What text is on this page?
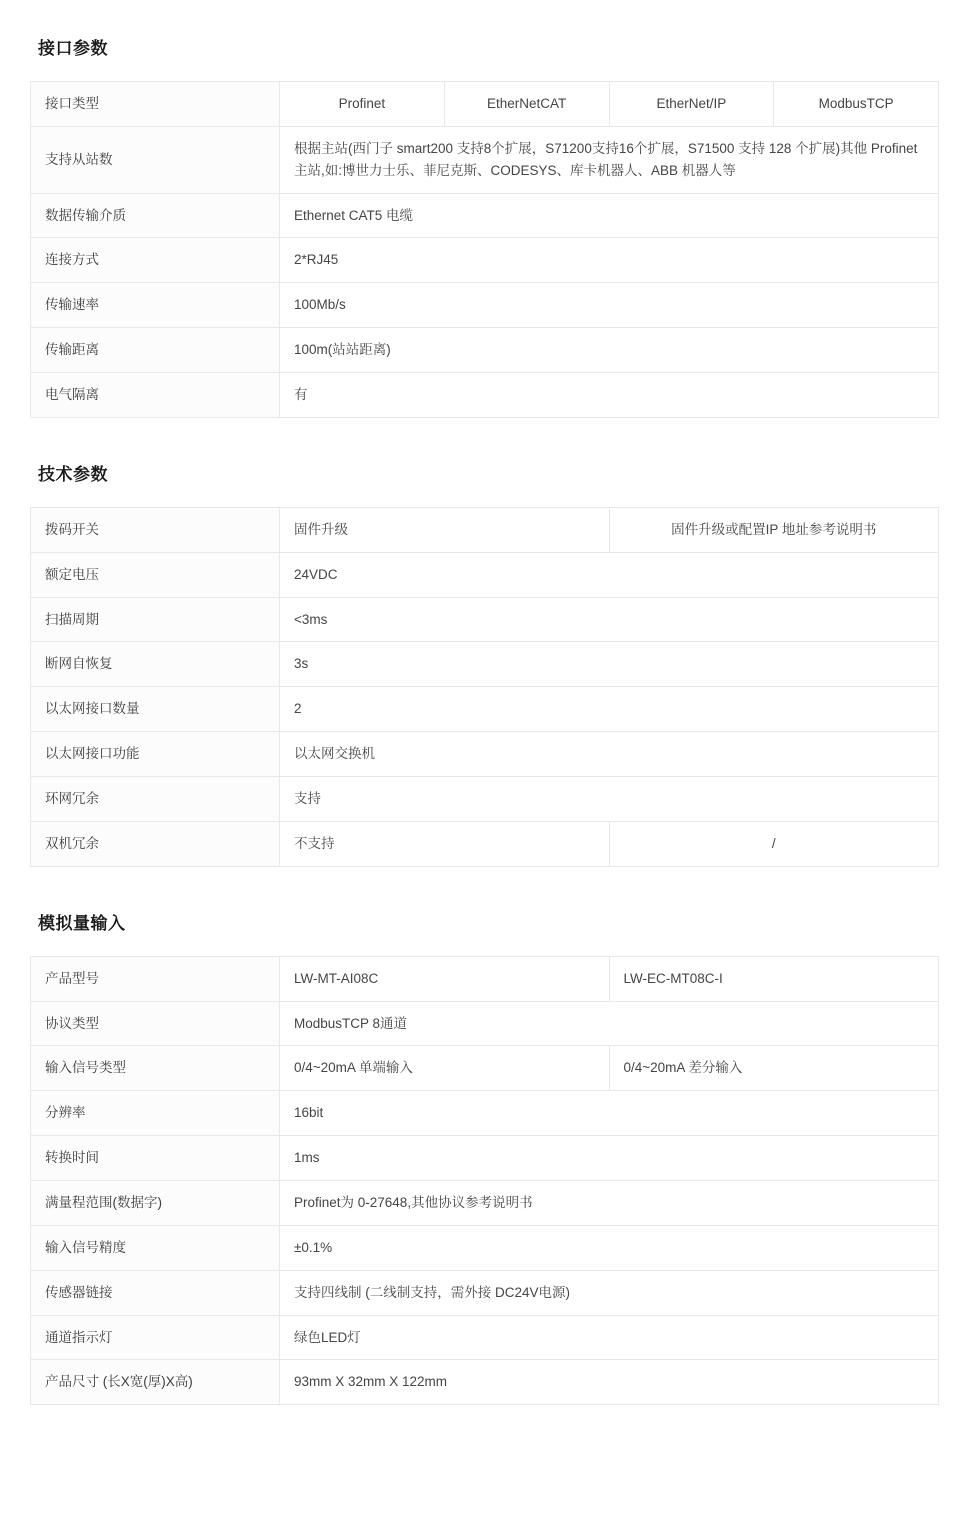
接口参数
接口类型	Profinet	EtherNetCAT	EtherNet/IP	ModbusTCP
支持从站数	根据主站(西门子 smart200 支持8个扩展，S71200支持16个扩展，S71500 支持 128 个扩展)其他 Profinet 主站,如:博世力士乐、菲尼克斯、CODESYS、库卡机器人、ABB 机器人等			
数据传输介质	Ethernet CAT5 电缆			
连接方式	2*RJ45			
传输速率	100Mb/s			
传输距离	100m(站站距离)			
电气隔离	有			
技术参数
拨码开关	固件升级	固件升级或配置IP 地址参考说明书
额定电压	24VDC	
扫描周期	<3ms	
断网自恢复	3s	
以太网接口数量	2	
以太网接口功能	以太网交换机	
环网冗余	支持	
双机冗余	不支持	/
模拟量输入
产品型号	LW-MT-AI08C	LW-EC-MT08C-I
协议类型	ModbusTCP 8通道	
输入信号类型	0/4~20mA 单端输入	0/4~20mA 差分输入
分辨率	16bit	
转换时间	1ms	
满量程范围(数据字)	Profinet为 0-27648,其他协议参考说明书	
输入信号精度	±0.1%	
传感器链接	支持四线制 (二线制支持，需外接 DC24V电源)	
通道指示灯	绿色LED灯	
产品尺寸 (长X宽(厚)X高)	93mm X 32mm X 122mm	
